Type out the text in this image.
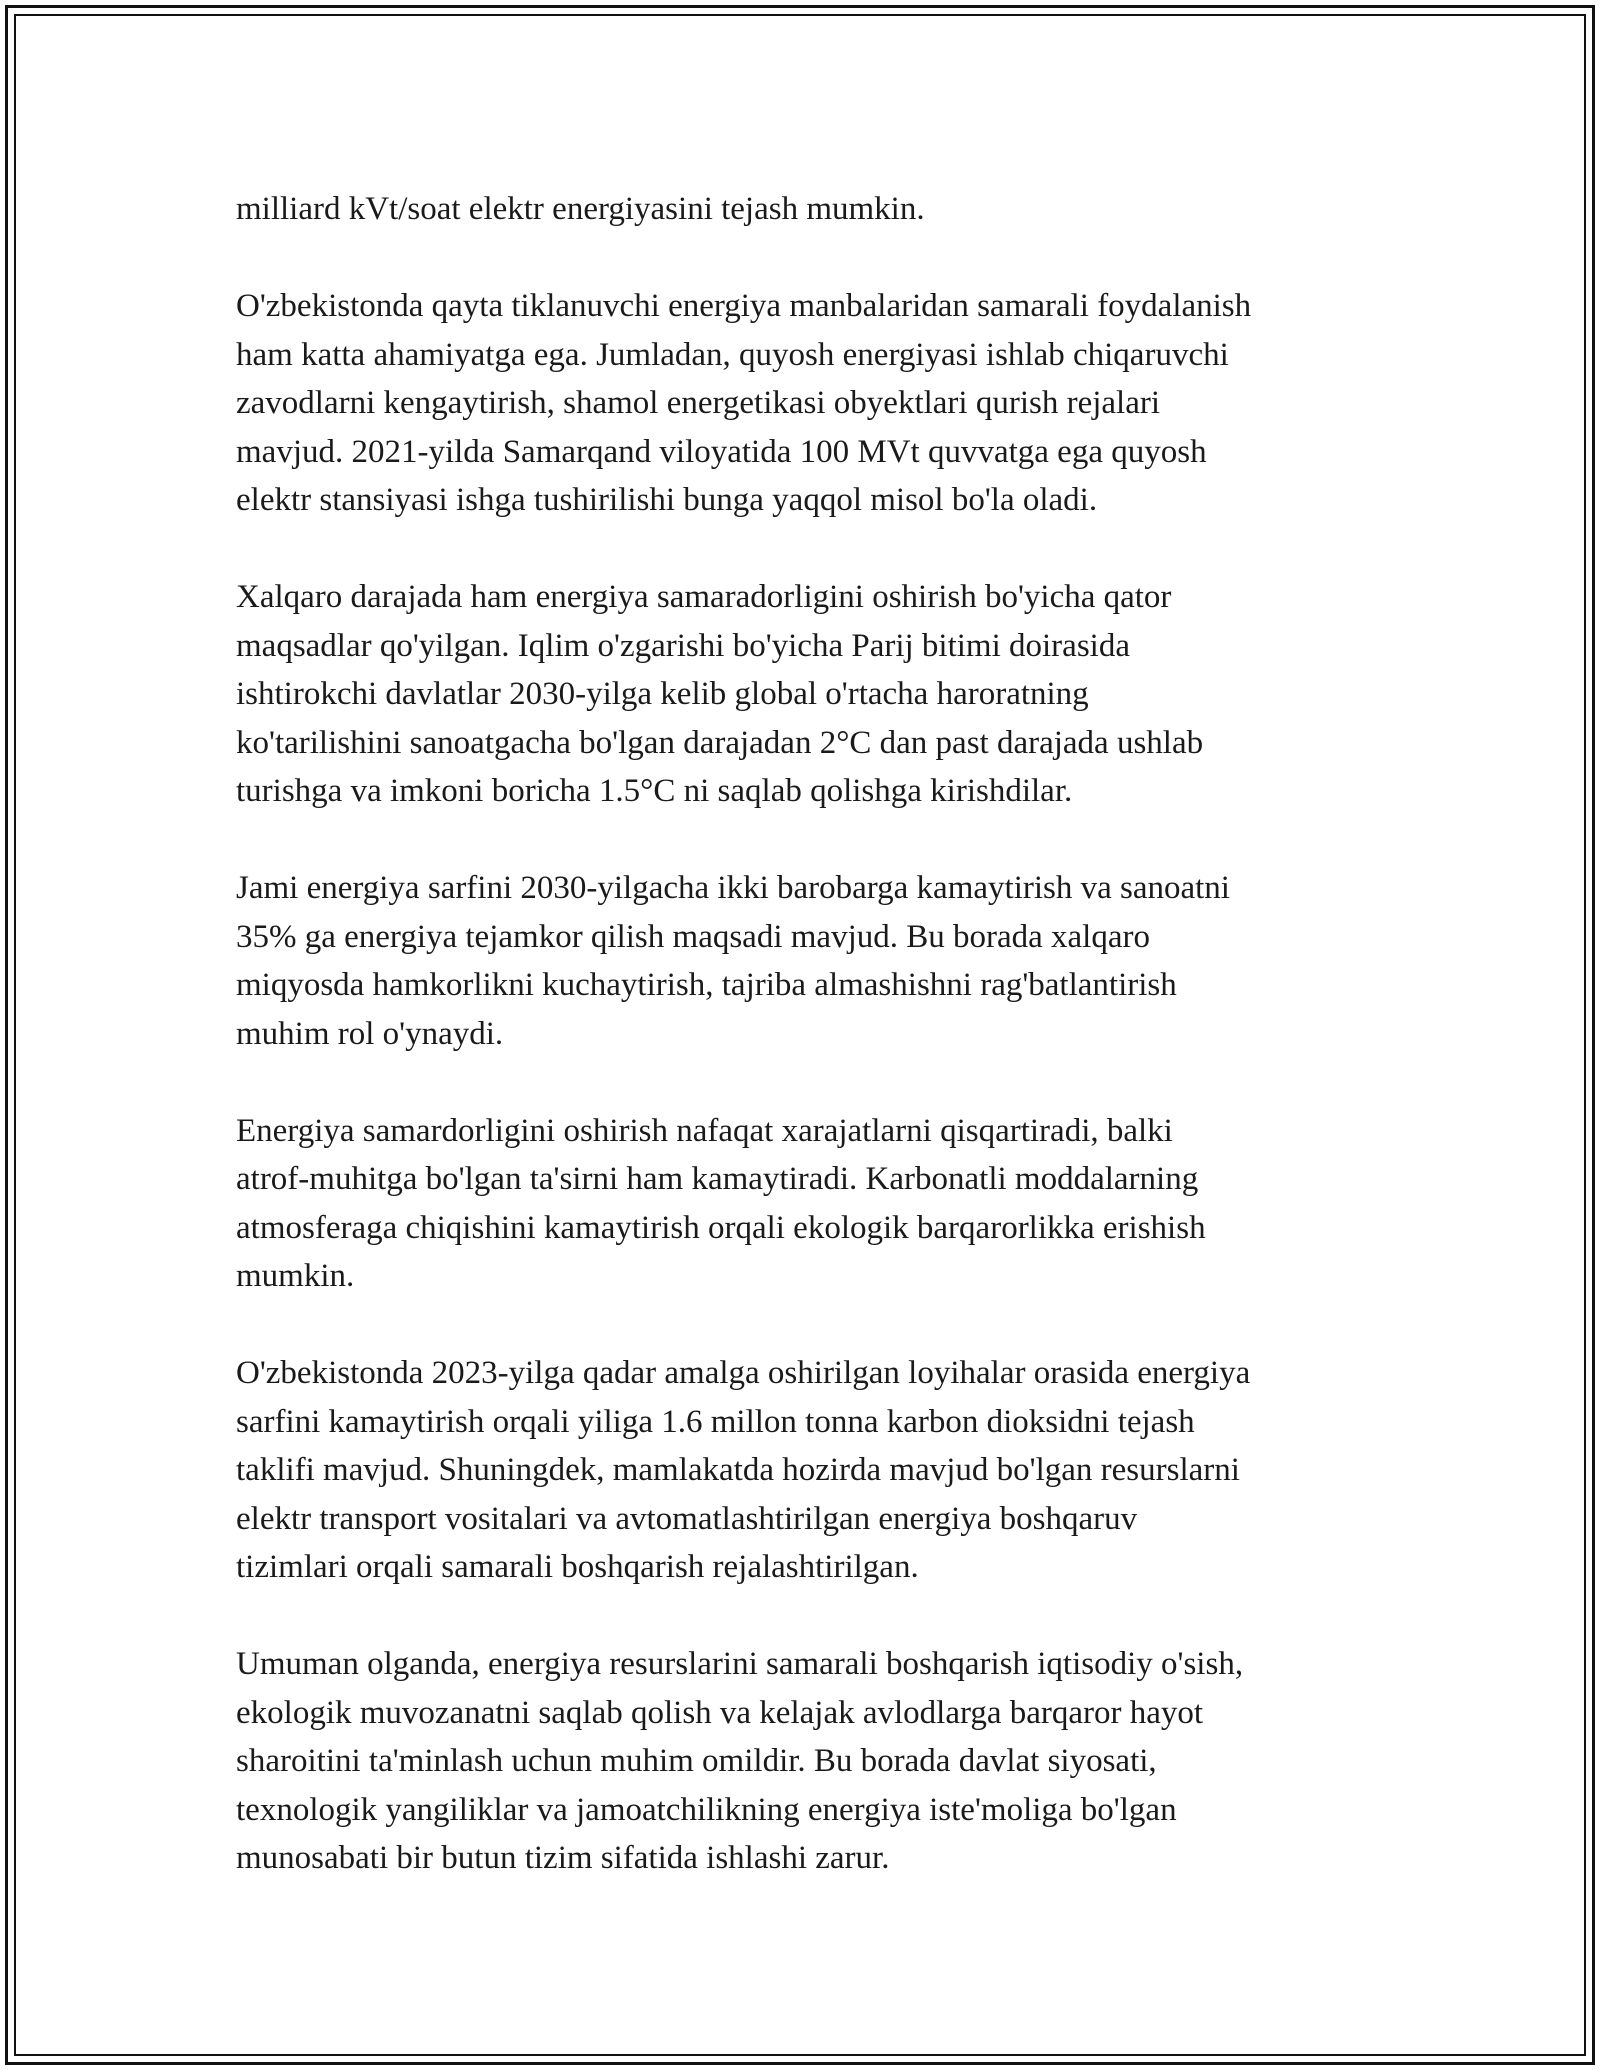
milliard kVt/soat elektr energiyasini tejash mumkin.

O'zbekistonda qayta tiklanuvchi energiya manbalaridan samarali foydalanish
ham katta ahamiyatga ega. Jumladan, quyosh energiyasi ishlab chiqaruvchi
zavodlarni kengaytirish, shamol energetikasi obyektlari qurish rejalari
mavjud. 2021-yilda Samarqand viloyatida 100 MVt quvvatga ega quyosh
elektr stansiyasi ishga tushirilishi bunga yaqqol misol bo'la oladi.

Xalqaro darajada ham energiya samaradorligini oshirish bo'yicha qator
maqsadlar qo'yilgan. Iqlim o'zgarishi bo'yicha Parij bitimi doirasida
ishtirokchi davlatlar 2030-yilga kelib global o'rtacha haroratning
ko'tarilishini sanoatgacha bo'lgan darajadan 2°C dan past darajada ushlab
turishga va imkoni boricha 1.5°C ni saqlab qolishga kirishdilar.

Jami energiya sarfini 2030-yilgacha ikki barobarga kamaytirish va sanoatni
35% ga energiya tejamkor qilish maqsadi mavjud. Bu borada xalqaro
miqyosda hamkorlikni kuchaytirish, tajriba almashishni rag'batlantirish
muhim rol o'ynaydi.

Energiya samardorligini oshirish nafaqat xarajatlarni qisqartiradi, balki
atrof-muhitga bo'lgan ta'sirni ham kamaytiradi. Karbonatli moddalarning
atmosferaga chiqishini kamaytirish orqali ekologik barqarorlikka erishish
mumkin.

O'zbekistonda 2023-yilga qadar amalga oshirilgan loyihalar orasida energiya
sarfini kamaytirish orqali yiliga 1.6 millon tonna karbon dioksidni tejash
taklifi mavjud. Shuningdek, mamlakatda hozirda mavjud bo'lgan resurslarni
elektr transport vositalari va avtomatlashtirilgan energiya boshqaruv
tizimlari orqali samarali boshqarish rejalashtirilgan.

Umuman olganda, energiya resurslarini samarali boshqarish iqtisodiy o'sish,
ekologik muvozanatni saqlab qolish va kelajak avlodlarga barqaror hayot
sharoitini ta'minlash uchun muhim omildir. Bu borada davlat siyosati,
texnologik yangiliklar va jamoatchilikning energiya iste'moliga bo'lgan
munosabati bir butun tizim sifatida ishlashi zarur.
